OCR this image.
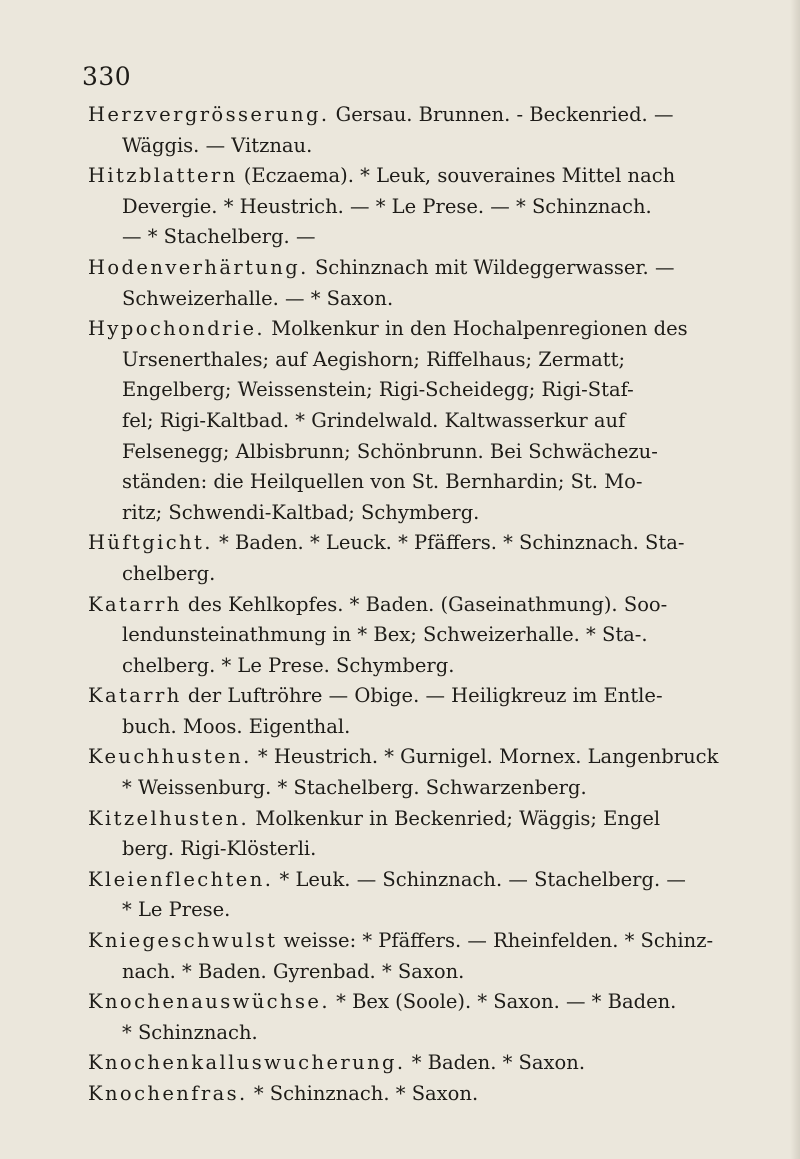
330
Herzvergrösserung. Gersau. Brunnen. - Beckenried. —
Wäggis. — Vitznau.
Hitzblattern (Eczaema). * Leuk, souveraines Mittel nach
Devergie. * Heustrich. — * Le Prese. — * Schinznach.
— * Stachelberg. —
Hodenverhärtung. Schinznach mit Wildeggerwasser. —
Schweizerhalle. — * Saxon.
Hypochondrie. Molkenkur in den Hochalpenregionen des
Ursenerthales; auf Aegishorn; Riffelhaus; Zermatt;
Engelberg; Weissenstein; Rigi-Scheidegg; Rigi-Staf-
fel; Rigi-Kaltbad. * Grindelwald. Kaltwasserkur auf
Felsenegg; Albisbrunn; Schönbrunn. Bei Schwächezu-
ständen: die Heilquellen von St. Bernhardin; St. Mo-
ritz; Schwendi-Kaltbad; Schymberg.
Hüftgicht. * Baden. * Leuck. * Pfäffers. * Schinznach. Sta-
chelberg.
Katarrh des Kehlkopfes. * Baden. (Gaseinathmung). Soo-
lendunsteinathmung in * Bex; Schweizerhalle. * Sta-.
chelberg. * Le Prese. Schymberg.
Katarrh der Luftröhre — Obige. — Heiligkreuz im Entle-
buch. Moos. Eigenthal.
Keuchhusten. * Heustrich. * Gurnigel. Mornex. Langenbruck
* Weissenburg. * Stachelberg. Schwarzenberg.
Kitzelhusten. Molkenkur in Beckenried; Wäggis; Engel
berg. Rigi-Klösterli.
Kleienflechten. * Leuk. — Schinznach. — Stachelberg. —
* Le Prese.
Kniegeschwulst weisse: * Pfäffers. — Rheinfelden. * Schinz-
nach. * Baden. Gyrenbad. * Saxon.
Knochenauswüchse. * Bex (Soole). * Saxon. — * Baden.
* Schinznach.
Knochenkalluswucherung. * Baden. * Saxon.
Knochenfras. * Schinznach. * Saxon.
